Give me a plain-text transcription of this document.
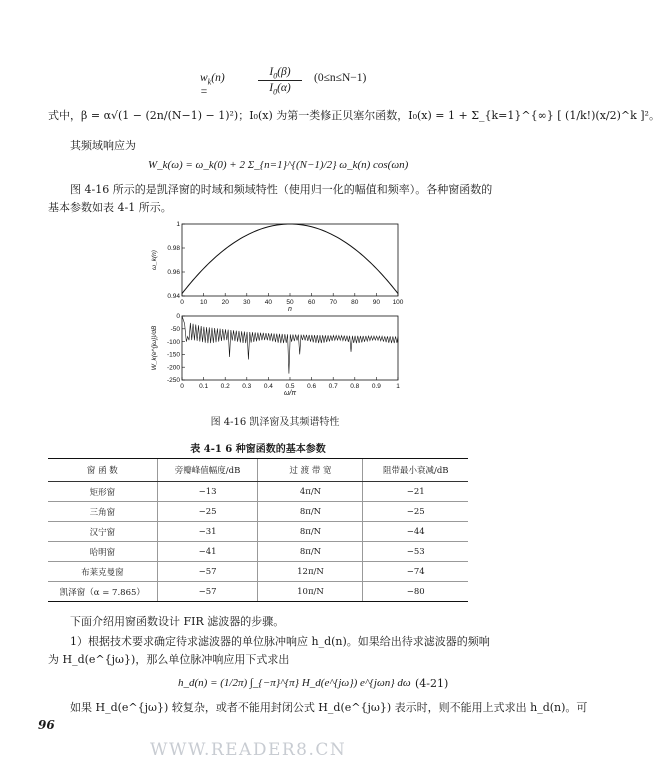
$w_k(n)$ =
$I_0(\beta)$
$I_0(\alpha)$
(0≤n≤N−1)
式中，β = α√(1 − (2n/(N−1) − 1)²)；I₀(x) 为第一类修正贝塞尔函数，I₀(x) = 1 + Σ_{k=1}^{∞} [ (1/k!)(x/2)^k ]²。
其频域响应为
W_k(ω) = ω_k(0) + 2 Σ_{n=1}^{(N−1)/2} ω_k(n) cos(ωn)
图 4-16 所示的是凯泽窗的时域和频域特性（使用归一化的幅值和频率）。各种窗函数的
基本参数如表 4-1 所示。
0 10 20 30 40 50 60 70 80 90 100
0.94
0.96
0.98
1
n
ω_k(n)
0 0.1 0.2 0.3 0.4 0.5 0.6 0.7 0.8 0.9 1
0
-50
-100
-150
-200
-250
ω/π
W_k(e^{jω})/dB
图 4-16 凯泽窗及其频谱特性
表 4-1 6 种窗函数的基本参数
窗 函 数	旁瓣峰值幅度/dB	过 渡 带 宽	阻带最小衰减/dB
矩形窗	−13	4π/N	−21
三角窗	−25	8π/N	−25
汉宁窗	−31	8π/N	−44
哈明窗	−41	8π/N	−53
布莱克曼窗	−57	12π/N	−74
凯泽窗（α = 7.865）	−57	10π/N	−80
下面介绍用窗函数设计 FIR 滤波器的步骤。
1）根据技术要求确定待求滤波器的单位脉冲响应 h_d(n)。如果给出待求滤波器的频响
为 H_d(e^{jω})，那么单位脉冲响应用下式求出
h_d(n) = (1/2π) ∫_{−π}^{π} H_d(e^{jω}) e^{jωn} dω (4-21)
如果 H_d(e^{jω}) 较复杂，或者不能用封闭公式 H_d(e^{jω}) 表示时，则不能用上式求出 h_d(n)。可
96
WWW.READER8.CN
